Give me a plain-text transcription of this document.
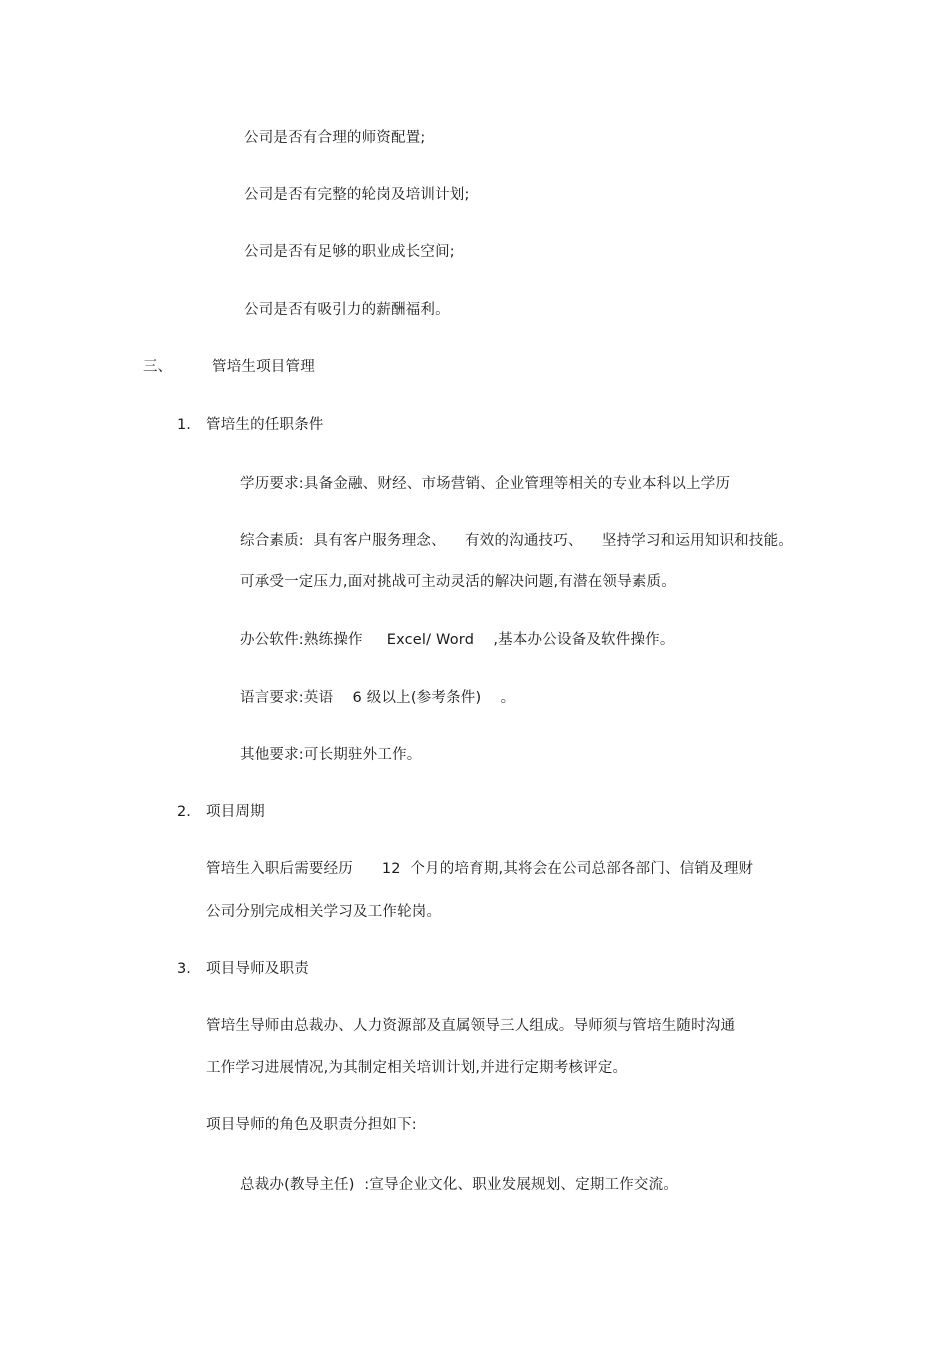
公司是否有合理的师资配置;
公司是否有完整的轮岗及培训计划;
公司是否有足够的职业成长空间;
公司是否有吸引力的薪酬福利。
三、	管培生项目管理
1. 管培生的任职条件
学历要求:具备金融、财经、市场营销、企业管理等相关的专业本科以上学历
综合素质:  具有客户服务理念、    有效的沟通技巧、    坚持学习和运用知识和技能。
可承受一定压力,面对挑战可主动灵活的解决问题,有潜在领导素质。
办公软件:熟练操作     Excel/ Word    ,基本办公设备及软件操作。
语言要求:英语    6 级以上(参考条件)    。
其他要求:可长期驻外工作。
2. 项目周期
管培生入职后需要经历      12  个月的培育期,其将会在公司总部各部门、信销及理财
公司分别完成相关学习及工作轮岗。
3. 项目导师及职责
管培生导师由总裁办、人力资源部及直属领导三人组成。导师须与管培生随时沟通
工作学习进展情况,为其制定相关培训计划,并进行定期考核评定。
项目导师的角色及职责分担如下:
总裁办(教导主任)  :宣导企业文化、职业发展规划、定期工作交流。
